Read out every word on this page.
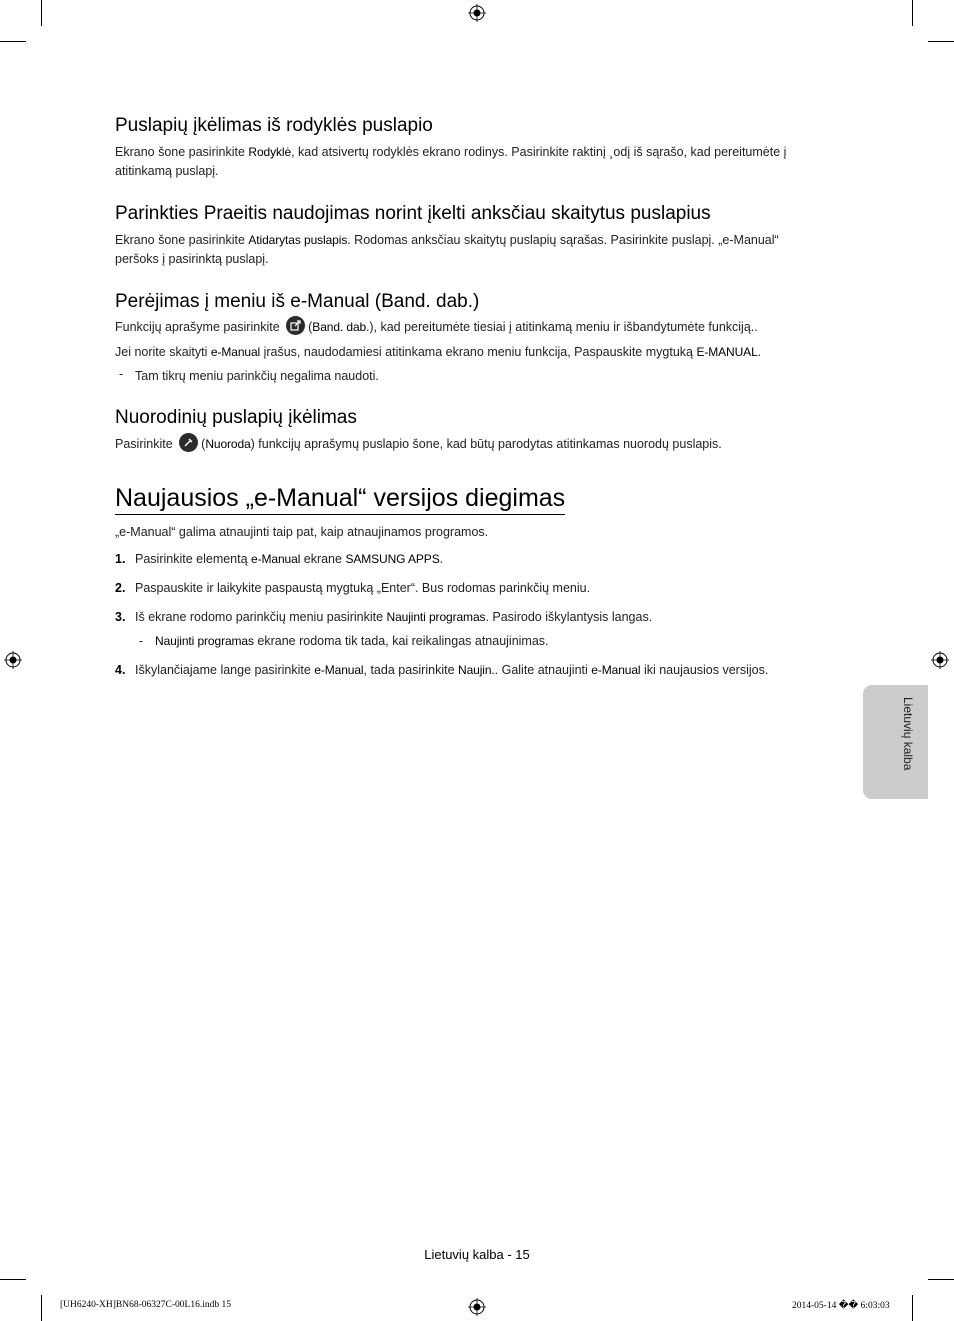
Puslapių įkėlimas iš rodyklės puslapio

Ekrano šone pasirinkite Rodyklė, kad atsivertų rodyklės ekrano rodinys. Pasirinkite raktinį ¸odį iš sąrašo, kad pereitumėte į
atitinkamą puslapį.

Parinkties Praeitis naudojimas norint įkelti anksčiau skaitytus puslapius

Ekrano šone pasirinkite Atidarytas puslapis. Rodomas anksčiau skaitytų puslapių sąrašas. Pasirinkite puslapį. „e-Manual“
peršoks į pasirinktą puslapį.

Perėjimas į meniu iš e-Manual (Band. dab.)

Funkcijų aprašyme pasirinkite
(Band. dab.), kad pereitumėte tiesiai į atitinkamą meniu ir išbandytumėte funkciją..

Jei norite skaityti e-Manual įrašus, naudodamiesi atitinkama ekrano meniu funkcija, Paspauskite mygtuką E-MANUAL.

- Tam tikrų meniu parinkčių negalima naudoti.

Nuorodinių puslapių įkėlimas

Pasirinkite
(Nuoroda) funkcijų aprašymų puslapio šone, kad būtų parodytas atitinkamas nuorodų puslapis.

Naujausios „e-Manual“ versijos diegimas

„e-Manual“ galima atnaujinti taip pat, kaip atnaujinamos programos.

1. Pasirinkite elementą e-Manual ekrane SAMSUNG APPS.
2. Paspauskite ir laikykite paspaustą mygtuką „Enter“. Bus rodomas parinkčių meniu.
3. Iš ekrane rodomo parinkčių meniu pasirinkite Naujinti programas. Pasirodo iškylantysis langas.
- Naujinti programas ekrane rodoma tik tada, kai reikalingas atnaujinimas.
4. Iškylančiajame lange pasirinkite e-Manual, tada pasirinkite Naujin.. Galite atnaujinti e-Manual iki naujausios versijos.
Lietuvių kalba
Lietuvių kalba - 15
[UH6240-XH]BN68-06327C-00L16.indb 15	2014-05-14 �� 6:03:03
